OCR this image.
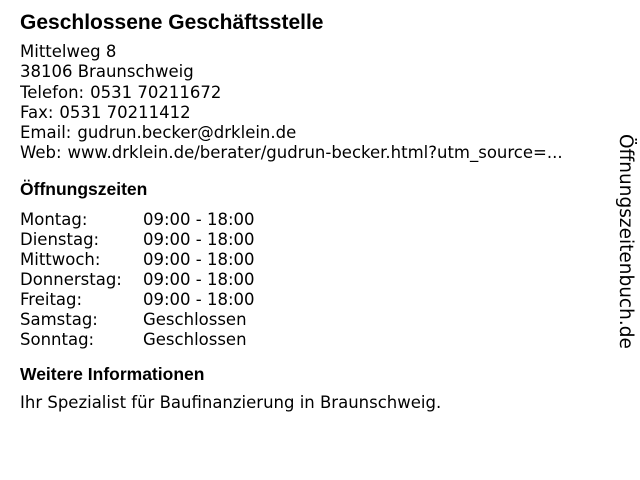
Geschlossene Geschäftsstelle
Mittelweg 8
38106 Braunschweig
Telefon: 0531 70211672
Fax: 0531 70211412
Email: gudrun.becker@drklein.de
Web: www.drklein.de/berater/gudrun-becker.html?utm_source=...
Öffnungszeiten
Montag:	09:00 - 18:00
Dienstag:	09:00 - 18:00
Mittwoch:	09:00 - 18:00
Donnerstag:	09:00 - 18:00
Freitag:	09:00 - 18:00
Samstag:	Geschlossen
Sonntag:	Geschlossen
Weitere Informationen
Ihr Spezialist für Baufinanzierung in Braunschweig.
Öffnungszeitenbuch.de
